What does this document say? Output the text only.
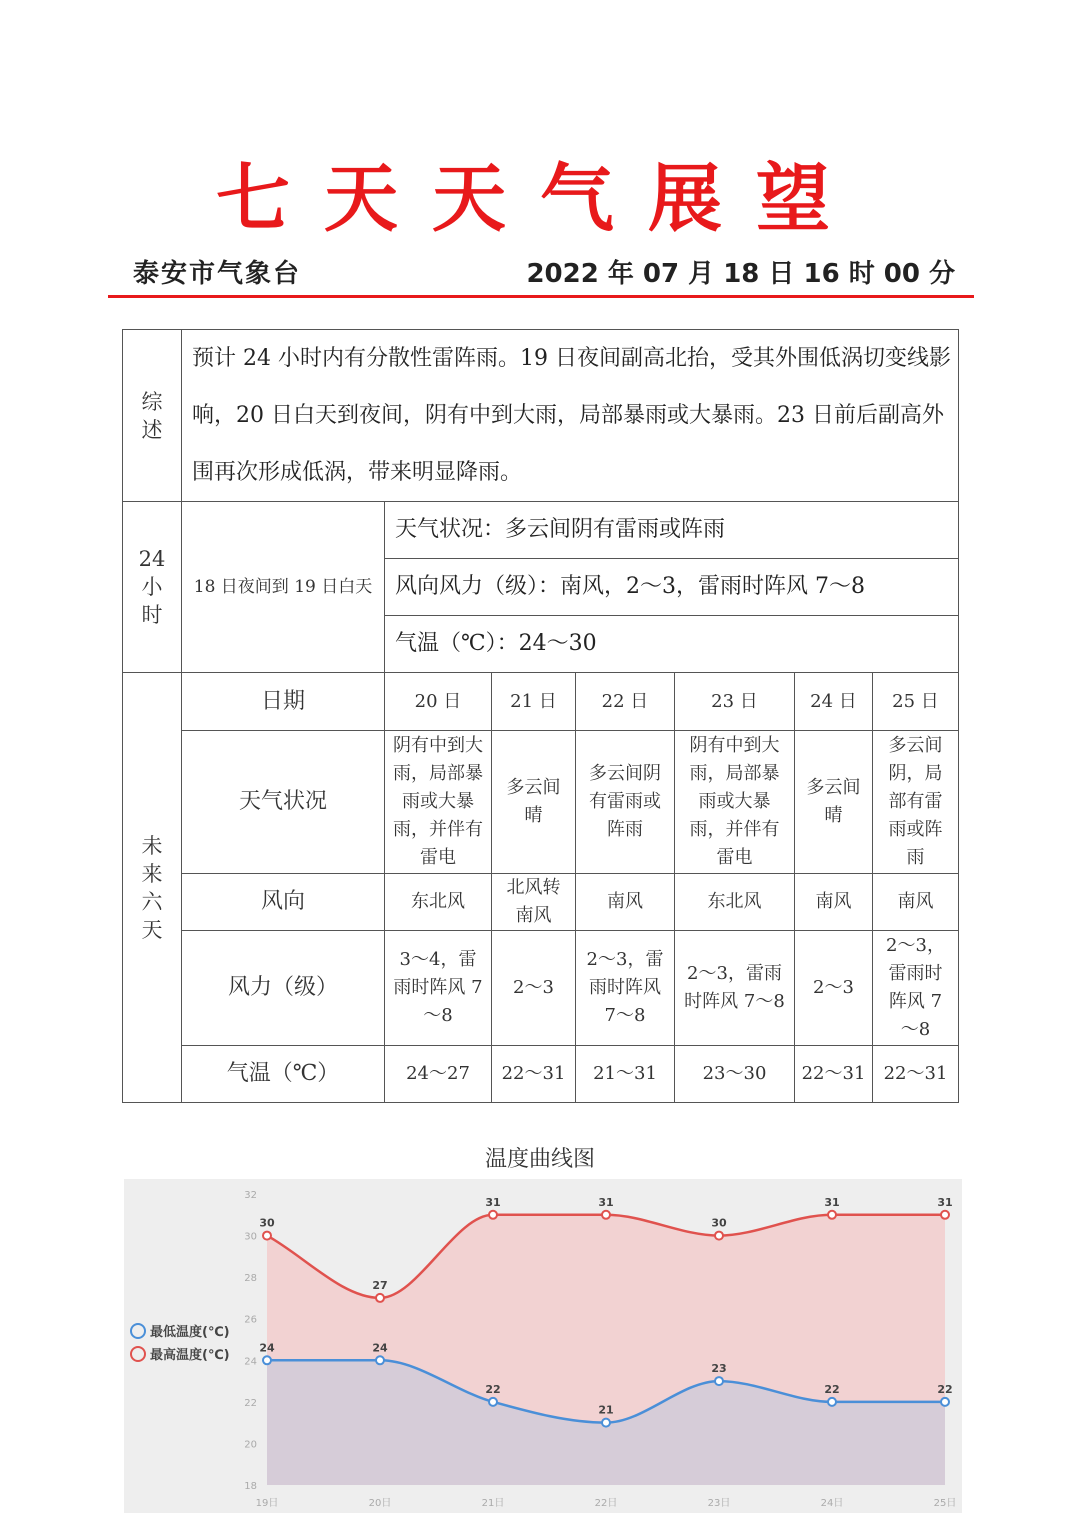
七天天气展望
泰安市气象台	2022 年 07 月 18 日 16 时 00 分
综
述	预计 24 小时内有分散性雷阵雨。19 日夜间副高北抬，受其外围低涡切变线影响，20 日白天到夜间，阴有中到大雨，局部暴雨或大暴雨。23 日前后副高外围再次形成低涡，带来明显降雨。						
24
小
时	18 日夜间到 19 日白天	天气状况：多云间阴有雷雨或阵雨					
		风向风力（级）：南风，2～3，雷雨时阵风 7～8					
		气温（℃）：24～30					
未
来
六
天	日期	20 日	21 日	22 日	23 日	24 日	25 日
	天气状况	阴有中到大雨，局部暴雨或大暴雨，并伴有雷电	多云间晴	多云间阴有雷雨或阵雨	阴有中到大雨，局部暴雨或大暴雨，并伴有雷电	多云间晴	多云间阴，局部有雷雨或阵雨
	风向	东北风	北风转南风	南风	东北风	南风	南风
	风力（级）	3～4，雷雨时阵风 7～8	2～3	2～3，雷雨时阵风 7～8	2～3，雷雨时阵风 7～8	2～3	2～3，雷雨时阵风 7～8
	气温（℃）	24～27	22～31	21～31	23～30	22～31	22～31
温度曲线图
18
20
22
24
26
28
30
32
19日	20日	21日	22日	23日	24日	25日
30
27
31	31
30
31	31
24	24
22
21
23
22	22
最低温度(℃)
最高温度(℃)
